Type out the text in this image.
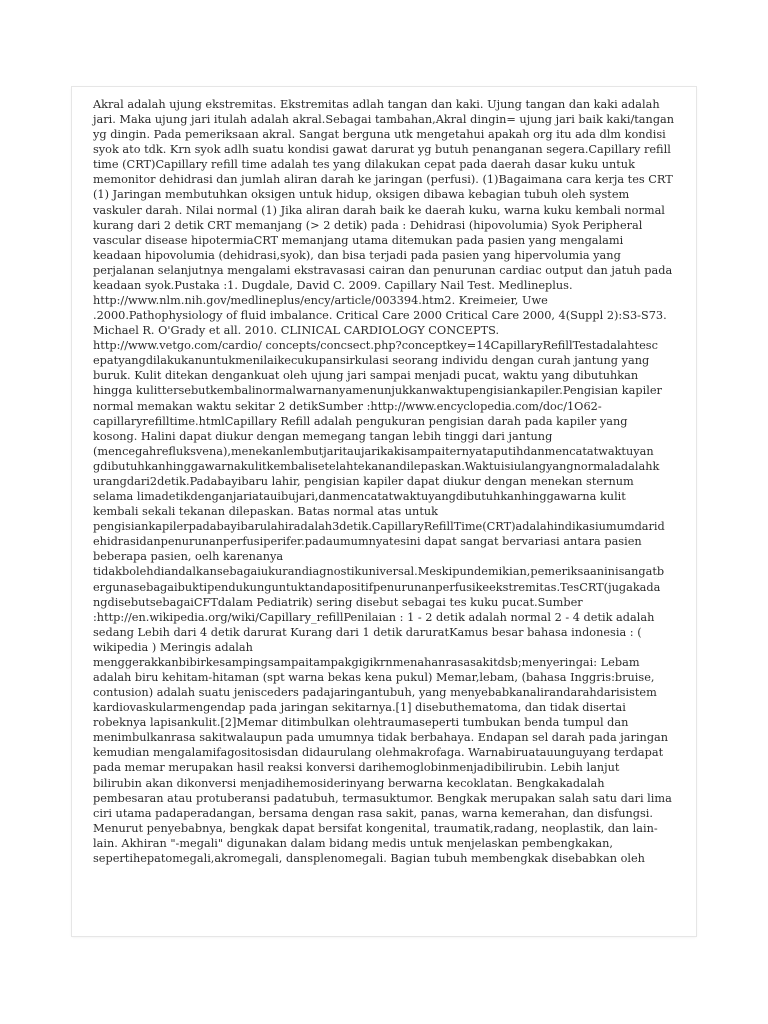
Akral adalah ujung ekstremitas. Ekstremitas adlah tangan dan kaki. Ujung tangan dan kaki adalah
jari. Maka ujung jari itulah adalah akral.Sebagai tambahan,Akral dingin= ujung jari baik kaki/tangan
yg dingin. Pada pemeriksaan akral. Sangat berguna utk mengetahui apakah org itu ada dlm kondisi
syok ato tdk. Krn syok adlh suatu kondisi gawat darurat yg butuh penanganan segera.Capillary refill
time (CRT)Capillary refill time adalah tes yang dilakukan cepat pada daerah dasar kuku untuk
memonitor dehidrasi dan jumlah aliran darah ke jaringan (perfusi). (1)Bagaimana cara kerja tes CRT
(1) Jaringan membutuhkan oksigen untuk hidup, oksigen dibawa kebagian tubuh oleh system
vaskuler darah. Nilai normal (1) Jika aliran darah baik ke daerah kuku, warna kuku kembali normal
kurang dari 2 detik CRT memanjang (> 2 detik) pada : Dehidrasi (hipovolumia) Syok Peripheral
vascular disease hipotermiaCRT memanjang utama ditemukan pada pasien yang mengalami
keadaan hipovolumia (dehidrasi,syok), dan bisa terjadi pada pasien yang hipervolumia yang
perjalanan selanjutnya mengalami ekstravasasi cairan dan penurunan cardiac output dan jatuh pada
keadaan syok.Pustaka :1. Dugdale, David C. 2009. Capillary Nail Test. Medlineplus.
http://www.nlm.nih.gov/medlineplus/ency/article/003394.htm2. Kreimeier, Uwe
.2000.Pathophysiology of fluid imbalance. Critical Care 2000 Critical Care 2000, 4(Suppl 2):S3-S73.
Michael R. O'Grady et all. 2010. CLINICAL CARDIOLOGY CONCEPTS.
http://www.vetgo.com/cardio/ concepts/concsect.php?conceptkey=14CapillaryRefillTestadalahtesc
epatyangdilakukanuntukmenilaikecukupansirkulasi seorang individu dengan curah jantung yang
buruk. Kulit ditekan dengankuat oleh ujung jari sampai menjadi pucat, waktu yang dibutuhkan
hingga kulittersebutkembalinormalwarnanyamenunjukkanwaktupengisiankapiler.Pengisian kapiler
normal memakan waktu sekitar 2 detikSumber :http://www.encyclopedia.com/doc/1O62-
capillaryrefilltime.htmlCapillary Refill adalah pengukuran pengisian darah pada kapiler yang
kosong. Halini dapat diukur dengan memegang tangan lebih tinggi dari jantung
(mencegahrefluksvena),menekanlembutjaritaujarikakisampaiternyataputihdanmencatatwaktuyan
gdibutuhkanhinggawarnakulitkembalisetelahtekanandilepaskan.Waktuisiulangyangnormaladalahk
urangdari2detik.Padabayibaru lahir, pengisian kapiler dapat diukur dengan menekan sternum
selama limadetikdenganjariatauibujari,danmencatatwaktuyangdibutuhkanhinggawarna kulit
kembali sekali tekanan dilepaskan. Batas normal atas untuk
pengisiankapilerpadabayibarulahiradalah3detik.CapillaryRefillTime(CRT)adalahindikasiumumdarid
ehidrasidanpenurunanperfusiperifer.padaumumnyatesini dapat sangat bervariasi antara pasien
beberapa pasien, oelh karenanya
tidakbolehdiandalkansebagaiukurandiagnostikuniversal.Meskipundemikian,pemeriksaaninisangatb
ergunasebagaibuktipendukunguntuktandapositifpenurunanperfusikeekstremitas.TesCRT(jugakada
ngdisebutsebagaiCFTdalam Pediatrik) sering disebut sebagai tes kuku pucat.Sumber
:http://en.wikipedia.org/wiki/Capillary_refillPenilaian : 1 - 2 detik adalah normal 2 - 4 detik adalah
sedang Lebih dari 4 detik darurat Kurang dari 1 detik daruratKamus besar bahasa indonesia : (
wikipedia ) Meringis adalah
menggerakkanbibirkesampingsampaitampakgigikrnmenahanrasasakitdsb;menyeringai: Lebam
adalah biru kehitam-hitaman (spt warna bekas kena pukul) Memar,lebam, (bahasa Inggris:bruise,
contusion) adalah suatu jenisceders padajaringantubuh, yang menyebabkanalirandarahdarisistem
kardiovaskularmengendap pada jaringan sekitarnya.[1] disebuthematoma, dan tidak disertai
robeknya lapisankulit.[2]Memar ditimbulkan olehtraumaseperti tumbukan benda tumpul dan
menimbulkanrasa sakitwalaupun pada umumnya tidak berbahaya. Endapan sel darah pada jaringan
kemudian mengalamifagositosisdan didaurulang olehmakrofaga. Warnabiruatauunguyang terdapat
pada memar merupakan hasil reaksi konversi darihemoglobinmenjadibilirubin. Lebih lanjut
bilirubin akan dikonversi menjadihemosiderinyang berwarna kecoklatan. Bengkakadalah
pembesaran atau protuberansi padatubuh, termasuktumor. Bengkak merupakan salah satu dari lima
ciri utama padaperadangan, bersama dengan rasa sakit, panas, warna kemerahan, dan disfungsi.
Menurut penyebabnya, bengkak dapat bersifat kongenital, traumatik,radang, neoplastik, dan lain-
lain. Akhiran "-megali" digunakan dalam bidang medis untuk menjelaskan pembengkakan,
sepertihepatomegali,akromegali, dansplenomegali. Bagian tubuh membengkak disebabkan oleh
